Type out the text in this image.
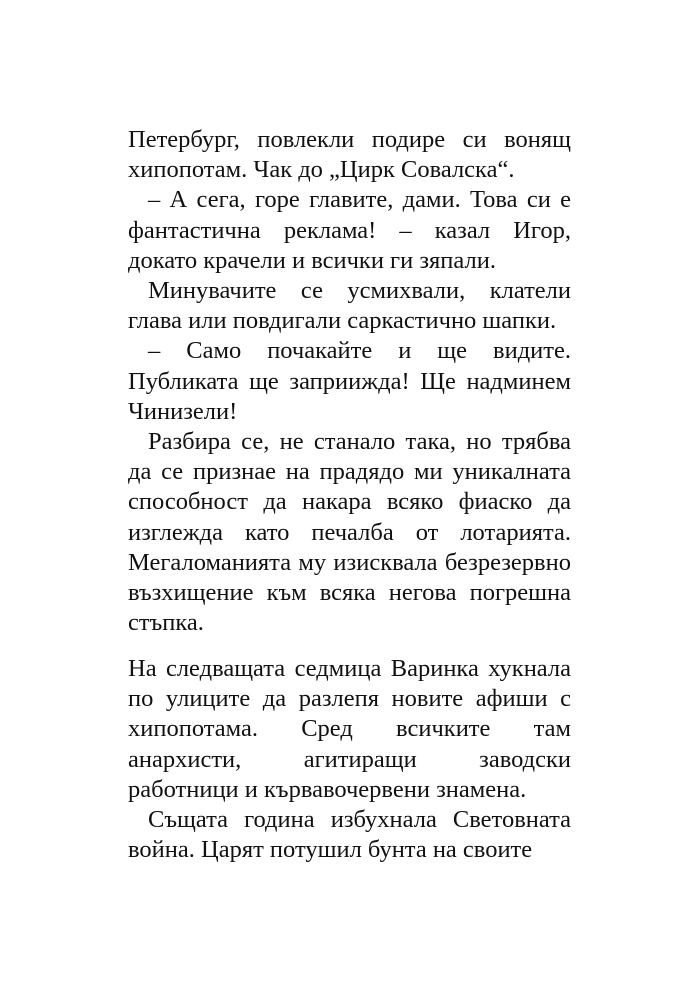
Петербург, повлекли подире си вонящ хипопотам. Чак до „Цирк Совалска“.

– А сега, горе главите, дами. Това си е фантастична реклама! – казал Игор, докато крачели и всички ги зяпали.

Минувачите се усмихвали, клатели глава или повдигали саркастично шапки.

– Само почакайте и ще видите. Публиката ще заприижда! Ще надминем Чинизели!

Разбира се, не станало така, но трябва да се признае на прадядо ми уникалната способност да накара всяко фиаско да изглежда като печалба от лотарията. Мегаломанията му изисквала безрезервно възхищение към всяка негова погрешна стъпка.

На следващата седмица Варинка хукнала по улиците да разлепя новите афиши с хипопотама. Сред всичките там анархисти, агитиращи заводски работници и кървавочервени знамена.

Същата година избухнала Световната война. Царят потушил бунта на своите
